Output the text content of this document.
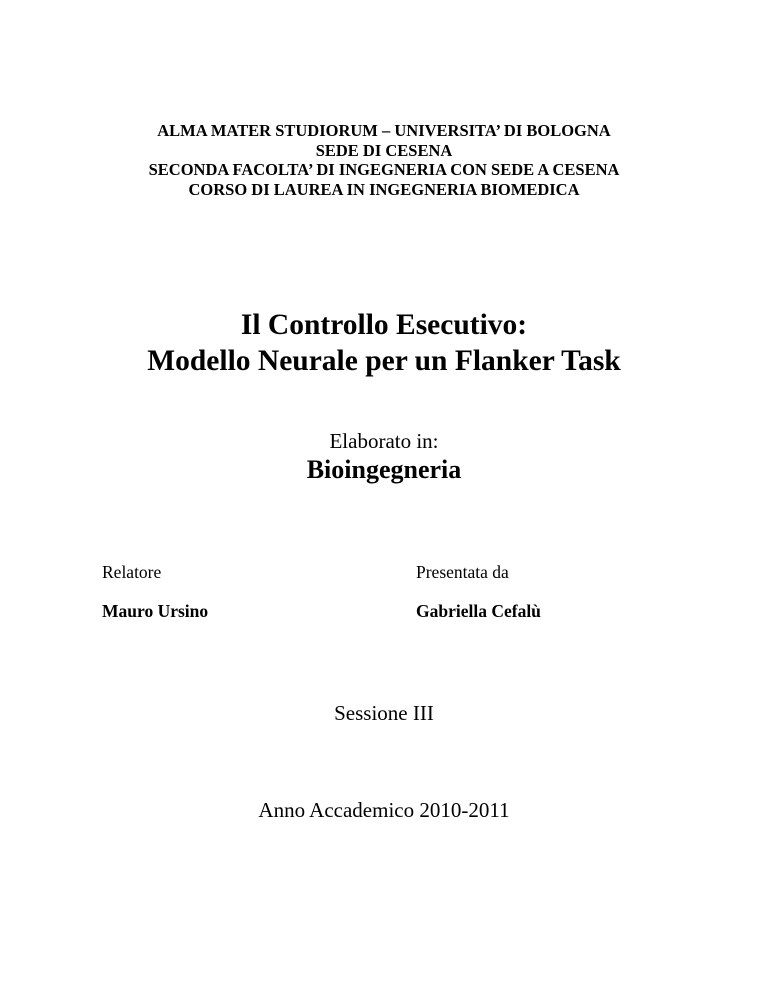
ALMA MATER STUDIORUM – UNIVERSITA’ DI BOLOGNA
SEDE DI CESENA
SECONDA FACOLTA’ DI INGEGNERIA CON SEDE A CESENA
CORSO DI LAUREA IN INGEGNERIA BIOMEDICA
Il Controllo Esecutivo:
Modello Neurale per un Flanker Task
Elaborato in:
Bioingegneria
Relatore
Mauro Ursino
Presentata da
Gabriella Cefalù
Sessione III
Anno Accademico 2010-2011
